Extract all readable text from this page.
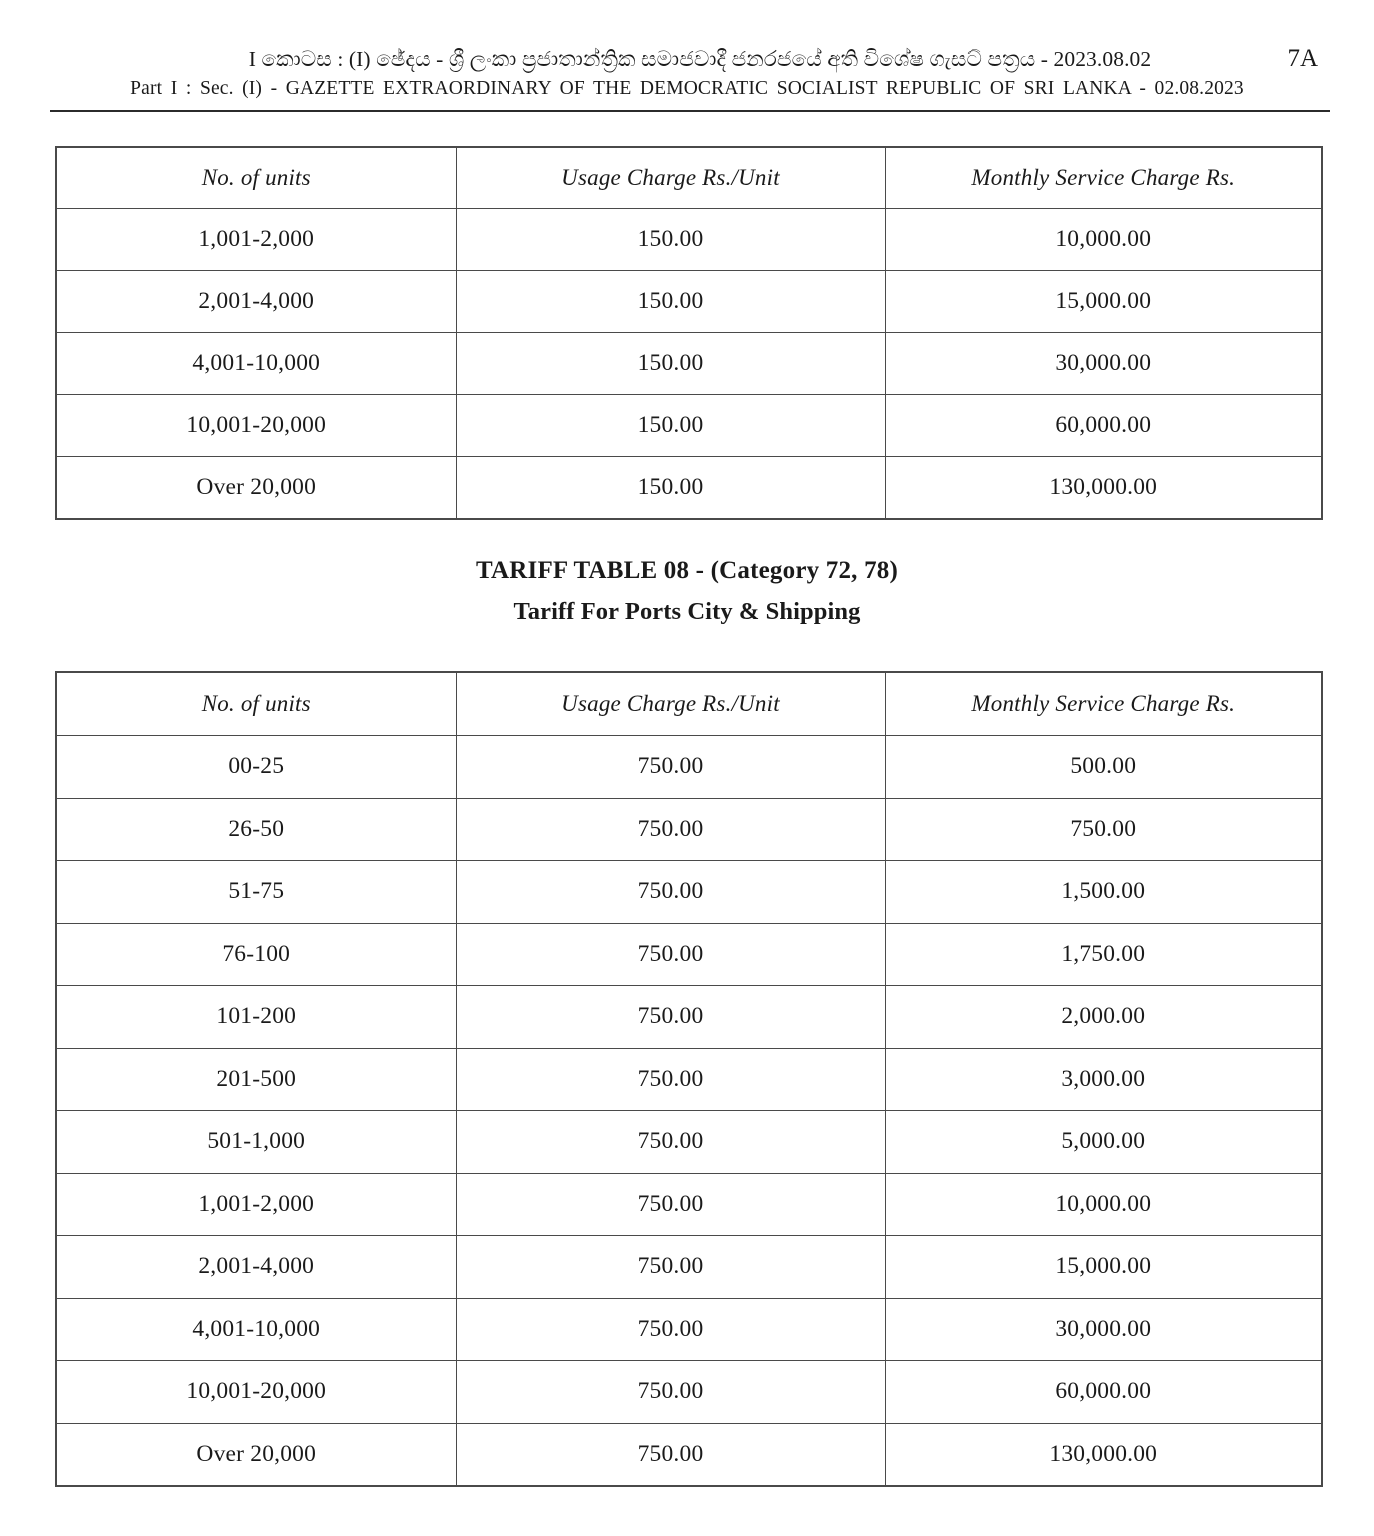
I කොටස : (I) ඡේදය - ශ්‍රී ලංකා ප්‍රජාතාන්ත්‍රික සමාජවාදී ජනරජයේ අති විශේෂ ගැසට් පත්‍රය - 2023.08.02
Part I : Sec. (I) - GAZETTE EXTRAORDINARY OF THE DEMOCRATIC SOCIALIST REPUBLIC OF SRI LANKA - 02.08.2023
7A
No. of units	Usage Charge Rs./Unit	Monthly Service Charge Rs.
1,001-2,000	150.00	10,000.00
2,001-4,000	150.00	15,000.00
4,001-10,000	150.00	30,000.00
10,001-20,000	150.00	60,000.00
Over 20,000	150.00	130,000.00
TARIFF TABLE 08 - (Category 72, 78)
Tariff For Ports City & Shipping
No. of units	Usage Charge Rs./Unit	Monthly Service Charge Rs.
00-25	750.00	500.00
26-50	750.00	750.00
51-75	750.00	1,500.00
76-100	750.00	1,750.00
101-200	750.00	2,000.00
201-500	750.00	3,000.00
501-1,000	750.00	5,000.00
1,001-2,000	750.00	10,000.00
2,001-4,000	750.00	15,000.00
4,001-10,000	750.00	30,000.00
10,001-20,000	750.00	60,000.00
Over 20,000	750.00	130,000.00
